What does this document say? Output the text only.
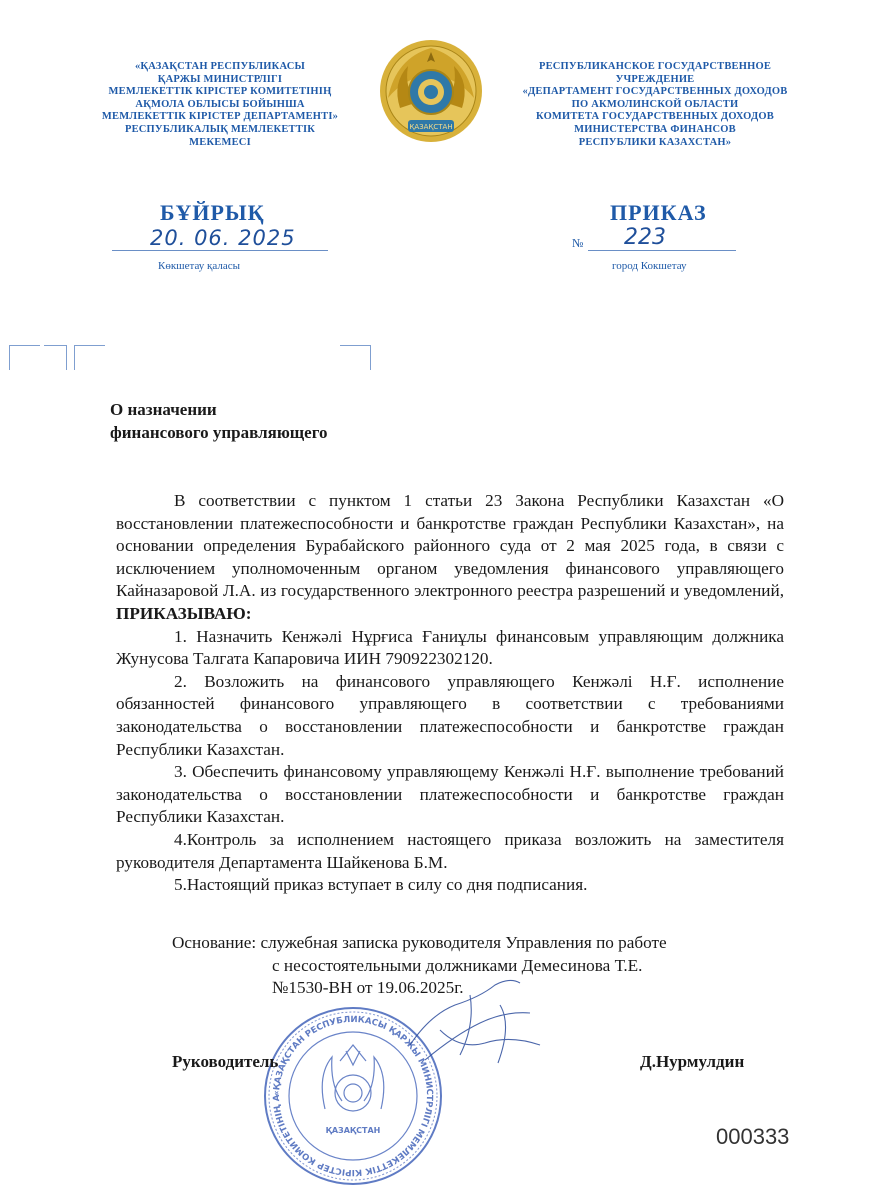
«ҚАЗАҚСТАН РЕСПУБЛИКАСЫ
ҚАРЖЫ МИНИСТРЛІГІ
МЕМЛЕКЕТТІК КІРІСТЕР КОМИТЕТІНІҢ
АҚМОЛА ОБЛЫСЫ БОЙЫНША
МЕМЛЕКЕТТІК КІРІСТЕР ДЕПАРТАМЕНТІ»
РЕСПУБЛИКАЛЫҚ МЕМЛЕКЕТТІК
МЕКЕМЕСІ
ҚАЗАҚСТАН
РЕСПУБЛИКАНСКОЕ ГОСУДАРСТВЕННОЕ
УЧРЕЖДЕНИЕ
«ДЕПАРТАМЕНТ ГОСУДАРСТВЕННЫХ ДОХОДОВ
ПО АКМОЛИНСКОЙ ОБЛАСТИ
КОМИТЕТА ГОСУДАРСТВЕННЫХ ДОХОДОВ
МИНИСТЕРСТВА ФИНАНСОВ
РЕСПУБЛИКИ КАЗАХСТАН»
БҰЙРЫҚ	ПРИКАЗ
20. 06. 2025	№ 223
Көкшетау қаласы	город Кокшетау
О назначении
финансового управляющего

В соответствии с пунктом 1 статьи 23 Закона Республики Казахстан «О восстановлении платежеспособности и банкротстве граждан Республики Казахстан», на основании определения Бурабайского районного суда от 2 мая 2025 года, в связи с исключением уполномоченным органом уведомления финансового управляющего Кайназаровой Л.А. из государственного электронного реестра разрешений и уведомлений, ПРИКАЗЫВАЮ:

1. Назначить Кенжәлі Нұрғиса Ғаниұлы финансовым управляющим должника Жунусова Талгата Капаровича ИИН 790922302120.

2. Возложить на финансового управляющего Кенжәлі Н.Ғ. исполнение обязанностей финансового управляющего в соответствии с требованиями законодательства о восстановлении платежеспособности и банкротстве граждан Республики Казахстан.

3. Обеспечить финансовому управляющему Кенжәлі Н.Ғ. выполнение требований законодательства о восстановлении платежеспособности и банкротстве граждан Республики Казахстан.

4.Контроль за исполнением настоящего приказа возложить на заместителя руководителя Департамента Шайкенова Б.М.

5.Настоящий приказ вступает в силу со дня подписания.

Основание: служебная записка руководителя Управления по работе
с несостоятельными должниками Демесинова Т.Е.
№1530-ВН от 19.06.2025г.
«ҚАЗАҚСТАН РЕСПУБЛИКАСЫ ҚАРЖЫ МИНИСТРЛІГІ МЕМЛЕКЕТТІК КІРІСТЕР КОМИТЕТІНІҢ А
ҚАЗАҚСТАН
Руководитель	Д.Нурмулдин
000333
